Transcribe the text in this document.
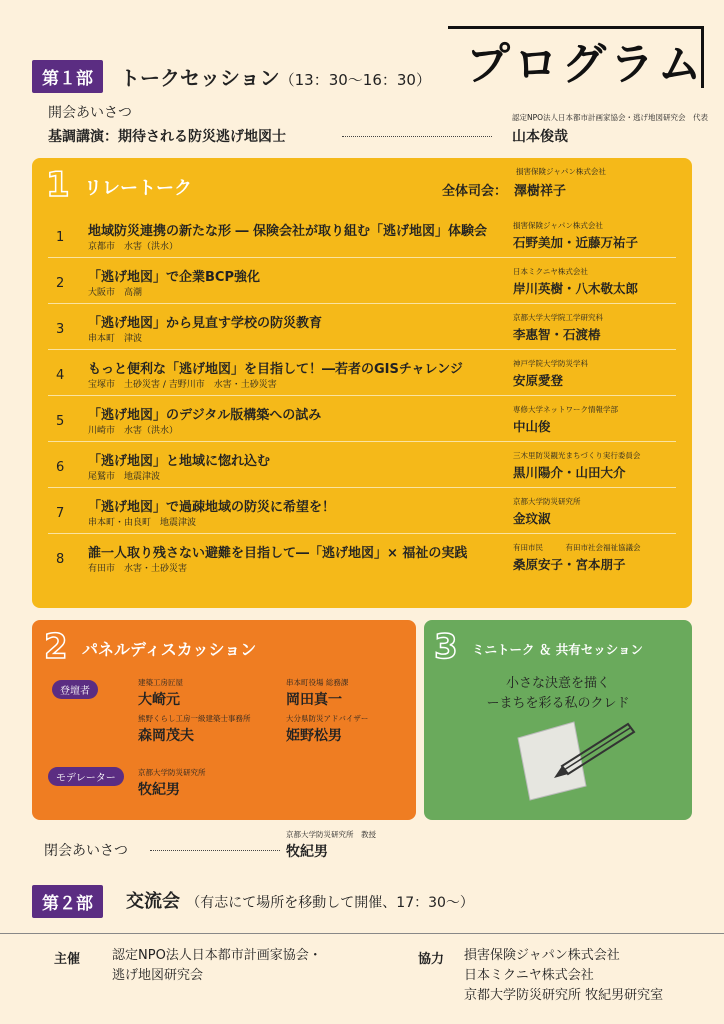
プログラム
第１部	トークセッション（13：30〜16：30）
開会あいさつ
基調講演：期待される防災逃げ地図士
認定NPO法人日本都市計画家協会・逃げ地図研究会　代表
山本俊哉
1 リレートーク	全体司会：
損害保険ジャパン株式会社
澤樹祥子
1 地域防災連携の新たな形 ― 保険会社が取り組む「逃げ地図」体験会
京都市　水害（洪水）
損害保険ジャパン株式会社
石野美加・近藤万祐子
2 「逃げ地図」で企業BCP強化
大阪市　高潮
日本ミクニヤ株式会社
岸川英樹・八木敬太郎
3 「逃げ地図」から見直す学校の防災教育
串本町　津波
京都大学大学院工学研究科
李惠智・石渡椿
4 もっと便利な「逃げ地図」を目指して！―若者のGISチャレンジ
宝塚市　土砂災害 / 吉野川市　水害・土砂災害
神戸学院大学防災学科
安原愛登
5 「逃げ地図」のデジタル版構築への試み
川崎市　水害（洪水）
専修大学ネットワーク情報学部
中山俊
6 「逃げ地図」と地域に惚れ込む
尾鷲市　地震津波
三木里防災観光まちづくり実行委員会
黒川陽介・山田大介
7 「逃げ地図」で過疎地域の防災に希望を！
串本町・由良町　地震津波
京都大学防災研究所
金玟淑
8 誰一人取り残さない避難を目指して―「逃げ地図」× 福祉の実践
有田市　水害・土砂災害
有田市民　　　有田市社会福祉協議会
桑原安子・宮本朋子
2 パネルディスカッション
登壇者
建築工房匠屋
大崎元
串本町役場 総務課
岡田真一
熊野くらし工房一級建築士事務所
森岡茂夫
大分県防災アドバイザー
姫野松男
モデレーター
京都大学防災研究所
牧紀男
3 ミニトーク ＆ 共有セッション
小さな決意を描く
ーまちを彩る私のクレド
閉会あいさつ
京都大学防災研究所　教授
牧紀男
第２部	交流会 （有志にて場所を移動して開催、17：30〜）
主催 認定NPO法人日本都市計画家協会・
逃げ地図研究会
協力 損害保険ジャパン株式会社
日本ミクニヤ株式会社
京都大学防災研究所 牧紀男研究室
